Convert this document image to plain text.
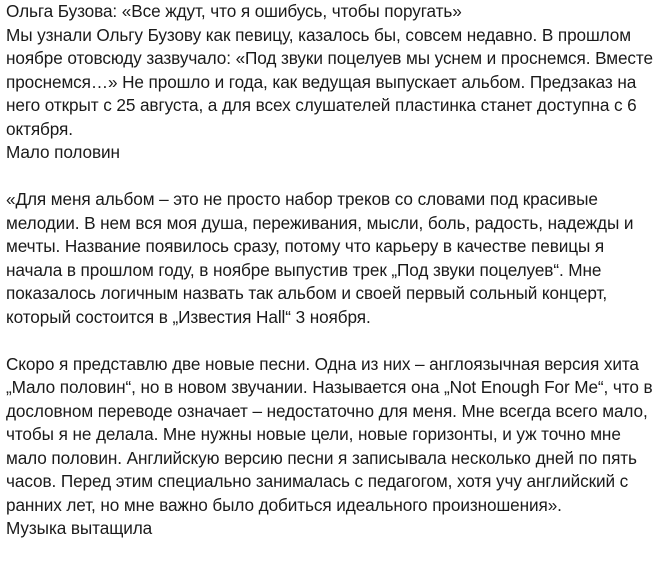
Ольга Бузова: «Все ждут, что я ошибусь, чтобы поругать»
Мы узнали Ольгу Бузову как певицу, казалось бы, совсем недавно. В прошлом
ноябре отовсюду зазвучало: «Под звуки поцелуев мы уснем и проснемся. Вместе
проснемся…» Не прошло и года, как ведущая выпускает альбом. Предзаказ на
него открыт с 25 августа, а для всех слушателей пластинка станет доступна с 6
октября.
Мало половин
«Для меня альбом – это не просто набор треков со словами под красивые
мелодии. В нем вся моя душа, переживания, мысли, боль, радость, надежды и
мечты. Название появилось сразу, потому что карьеру в качестве певицы я
начала в прошлом году, в ноябре выпустив трек „Под звуки поцелуев“. Мне
показалось логичным назвать так альбом и своей первый сольный концерт,
который состоится в „Известия Hall“ 3 ноября.
Скоро я представлю две новые песни. Одна из них – англоязычная версия хита
„Мало половин“, но в новом звучании. Называется она „Not Enough For Me“, что в
дословном переводе означает – недостаточно для меня. Мне всегда всего мало,
чтобы я не делала. Мне нужны новые цели, новые горизонты, и уж точно мне
мало половин. Английскую версию песни я записывала несколько дней по пять
часов. Перед этим специально занималась с педагогом, хотя учу английский с
ранних лет, но мне важно было добиться идеального произношения».
Музыка вытащила
